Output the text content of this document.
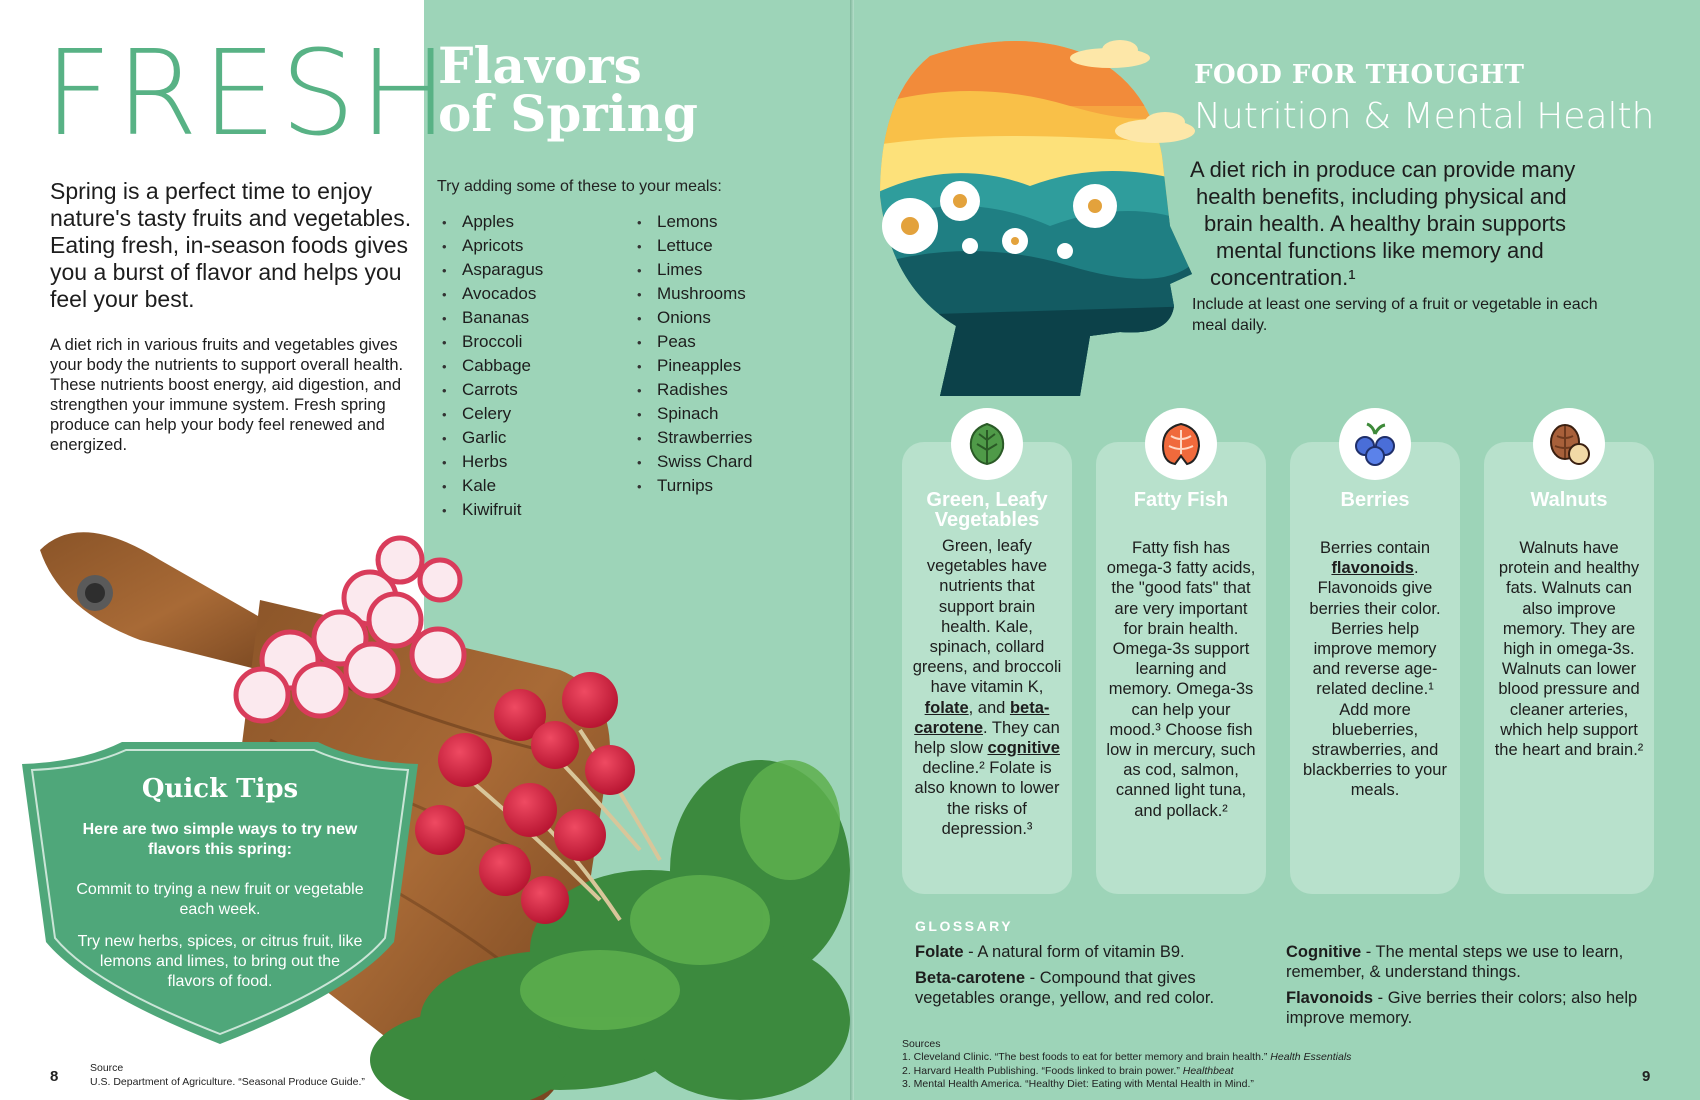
FRESH
Flavors
of Spring

Spring is a perfect time to enjoy nature's tasty fruits and vegetables. Eating fresh, in-season foods gives you a burst of flavor and helps you feel your best.

A diet rich in various fruits and vegetables gives your body the nutrients to support overall health. These nutrients boost energy, aid digestion, and strengthen your immune system. Fresh spring produce can help your body feel renewed and energized.

Try adding some of these to your meals:
• Apples
• Apricots
• Asparagus
• Avocados
• Bananas
• Broccoli
• Cabbage
• Carrots
• Celery
• Garlic
• Herbs
• Kale
• Kiwifruit
• Lemons
• Lettuce
• Limes
• Mushrooms
• Onions
• Peas
• Pineapples
• Radishes
• Spinach
• Strawberries
• Swiss Chard
• Turnips
Quick Tips
Here are two simple ways to try new flavors this spring:
Commit to trying a new fruit or vegetable each week.
Try new herbs, spices, or citrus fruit, like lemons and limes, to bring out the flavors of food.
8	Source
U.S. Department of Agriculture. “Seasonal Produce Guide.”
FOOD FOR THOUGHT
Nutrition & Mental Health
A diet rich in produce can provide many
health benefits, including physical and
brain health. A healthy brain supports
mental functions like memory and
concentration.¹
Include at least one serving of a fruit or vegetable in each meal daily.
Green, Leafy Vegetables
Green, leafy vegetables have nutrients that support brain health. Kale, spinach, collard greens, and broccoli have vitamin K, folate, and beta-carotene. They can help slow cognitive decline.² Folate is also known to lower the risks of depression.³
Fatty Fish
Fatty fish has omega-3 fatty acids, the "good fats" that are very important for brain health. Omega-3s support learning and memory. Omega-3s can help your mood.³ Choose fish low in mercury, such as cod, salmon, canned light tuna, and pollack.²
Berries
Berries contain flavonoids. Flavonoids give berries their color. Berries help improve memory and reverse age-related decline.¹ Add more blueberries, strawberries, and blackberries to your meals.
Walnuts
Walnuts have protein and healthy fats. Walnuts can also improve memory. They are high in omega-3s. Walnuts can lower blood pressure and cleaner arteries, which help support the heart and brain.²
GLOSSARY
Folate - A natural form of vitamin B9.
Beta-carotene - Compound that gives vegetables orange, yellow, and red color.
Cognitive - The mental steps we use to learn, remember, & understand things.
Flavonoids - Give berries their colors; also help improve memory.
Sources
1. Cleveland Clinic. “The best foods to eat for better memory and brain health.” Health Essentials
2. Harvard Health Publishing. “Foods linked to brain power.” Healthbeat
3. Mental Health America. “Healthy Diet: Eating with Mental Health in Mind.”	9
